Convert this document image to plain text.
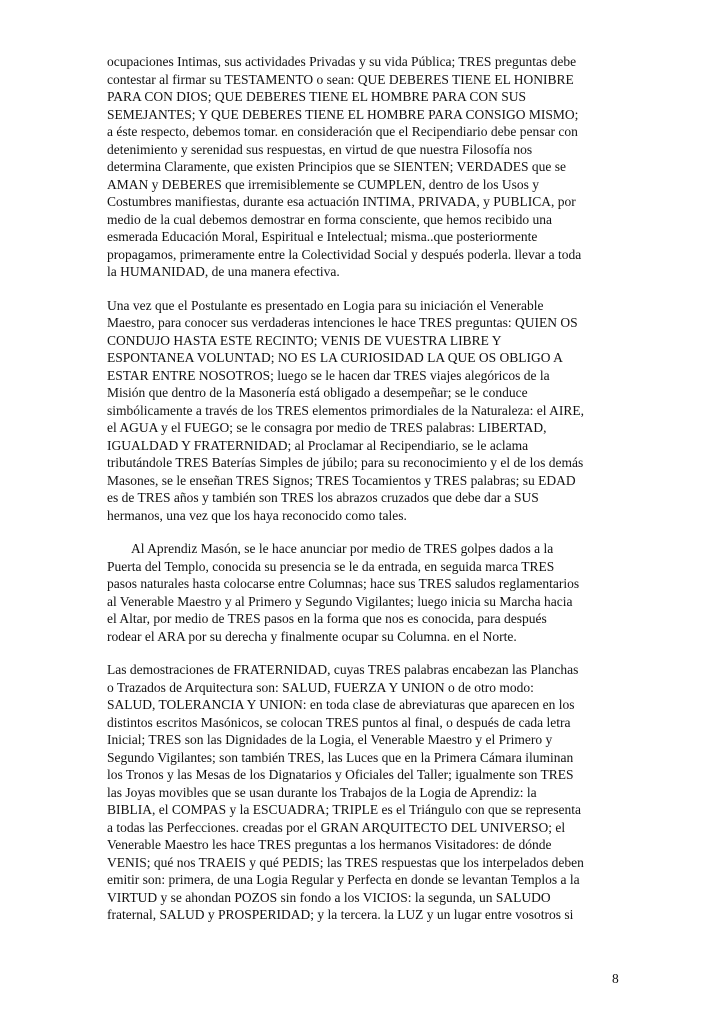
ocupaciones Intimas, sus actividades Privadas y su vida Pública; TRES preguntas debe
contestar al firmar su TESTAMENTO o sean: QUE DEBERES TIENE EL HONIBRE
PARA CON DIOS; QUE DEBERES TIENE EL HOMBRE PARA CON SUS
SEMEJANTES; Y QUE DEBERES TIENE EL HOMBRE PARA CONSIGO MISMO;
a éste respecto, debemos tomar. en consideración que el Recipendiario debe pensar con
detenimiento y serenidad sus respuestas, en virtud de que nuestra Filosofía nos
determina Claramente, que existen Principios que se SIENTEN; VERDADES que se
AMAN y DEBERES que irremisiblemente se CUMPLEN, dentro de los Usos y
Costumbres manifiestas, durante esa actuación INTIMA, PRIVADA, y PUBLICA, por
medio de la cual debemos demostrar en forma consciente, que hemos recibido una
esmerada Educación Moral, Espiritual e Intelectual; misma..que posteriormente
propagamos, primeramente entre la Colectividad Social y después poderla. llevar a toda
la HUMANIDAD, de una manera efectiva.

Una vez que el Postulante es presentado en Logia para su iniciación el Venerable
Maestro, para conocer sus verdaderas intenciones le hace TRES preguntas: QUIEN OS
CONDUJO HASTA ESTE RECINTO; VENIS DE VUESTRA LIBRE Y
ESPONTANEA VOLUNTAD; NO ES LA CURIOSIDAD LA QUE OS OBLIGO A
ESTAR ENTRE NOSOTROS; luego se le hacen dar TRES viajes alegóricos de la
Misión que dentro de la Masonería está obligado a desempeñar; se le conduce
simbólicamente a través de los TRES elementos primordiales de la Naturaleza: el AIRE,
el AGUA y el FUEGO; se le consagra por medio de TRES palabras: LIBERTAD,
IGUALDAD Y FRATERNIDAD; al Proclamar al Recipendiario, se le aclama
tributándole TRES Baterías Simples de júbilo; para su reconocimiento y el de los demás
Masones, se le enseñan TRES Signos; TRES Tocamientos y TRES palabras; su EDAD
es de TRES años y también son TRES los abrazos cruzados que debe dar a SUS
hermanos, una vez que los haya reconocido como tales.

Al Aprendiz Masón, se le hace anunciar por medio de TRES golpes dados a la
Puerta del Templo, conocida su presencia se le da entrada, en seguida marca TRES
pasos naturales hasta colocarse entre Columnas; hace sus TRES saludos reglamentarios
al Venerable Maestro y al Primero y Segundo Vigilantes; luego inicia su Marcha hacia
el Altar, por medio de TRES pasos en la forma que nos es conocida, para después
rodear el ARA por su derecha y finalmente ocupar su Columna. en el Norte.

Las demostraciones de FRATERNIDAD, cuyas TRES palabras encabezan las Planchas
o Trazados de Arquitectura son: SALUD, FUERZA Y UNION o de otro modo:
SALUD, TOLERANCIA Y UNION: en toda clase de abreviaturas que aparecen en los
distintos escritos Masónicos, se colocan TRES puntos al final, o después de cada letra
Inicial; TRES son las Dignidades de la Logia, el Venerable Maestro y el Primero y
Segundo Vigilantes; son también TRES, las Luces que en la Primera Cámara iluminan
los Tronos y las Mesas de los Dignatarios y Oficiales del Taller; igualmente son TRES
las Joyas movibles que se usan durante los Trabajos de la Logia de Aprendiz: la
BIBLIA, el COMPAS y la ESCUADRA; TRIPLE es el Triángulo con que se representa
a todas las Perfecciones. creadas por el GRAN ARQUITECTO DEL UNIVERSO; el
Venerable Maestro les hace TRES preguntas a los hermanos Visitadores: de dónde
VENIS; qué nos TRAEIS y qué PEDIS; las TRES respuestas que los interpelados deben
emitir son: primera, de una Logia Regular y Perfecta en donde se levantan Templos a la
VIRTUD y se ahondan POZOS sin fondo a los VICIOS: la segunda, un SALUDO
fraternal, SALUD y PROSPERIDAD; y la tercera. la LUZ y un lugar entre vosotros si

8
